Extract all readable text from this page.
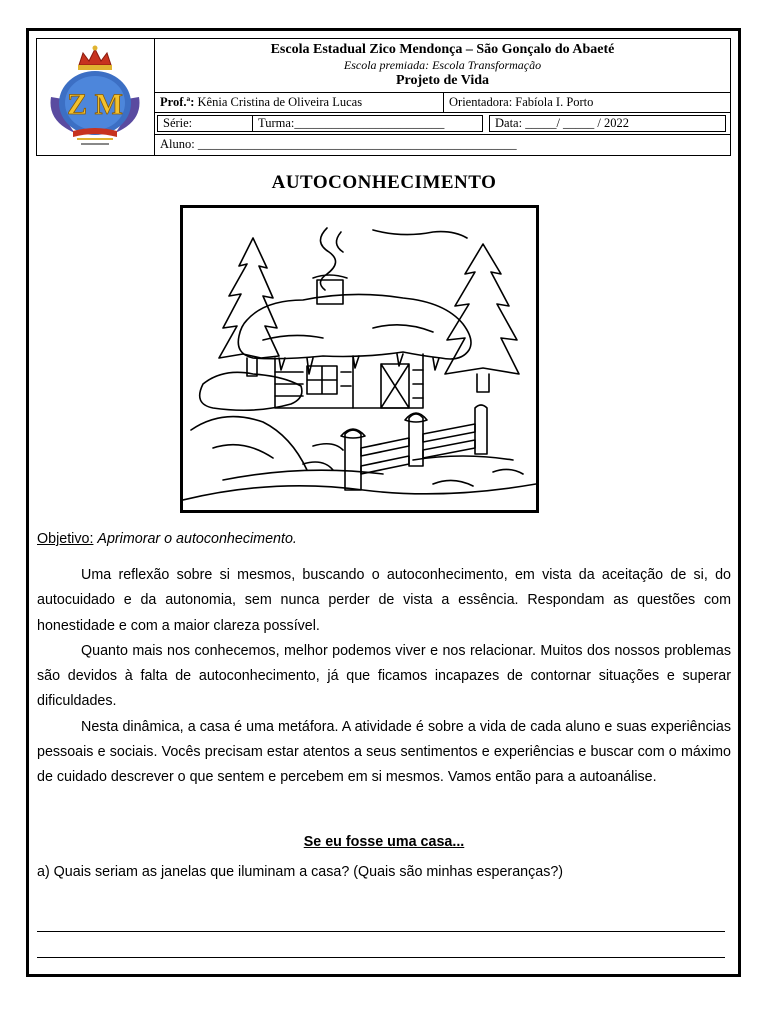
Z M
Escola Estadual Zico Mendonça – São Gonçalo do Abaeté
Escola premiada: Escola Transformação
Projeto de Vida
Prof.ª: Kênia Cristina de Oliveira Lucas	Orientadora: Fabíola I. Porto
Série:	Turma:________________________	Data: _____/ _____ / 2022
Aluno: ___________________________________________________
AUTOCONHECIMENTO
Objetivo: Aprimorar o autoconhecimento.

Uma reflexão sobre si mesmos, buscando o autoconhecimento, em vista da aceitação de si, do autocuidado e da autonomia, sem nunca perder de vista a essência. Respondam as questões com honestidade e com a maior clareza possível.

Quanto mais nos conhecemos, melhor podemos viver e nos relacionar. Muitos dos nossos problemas são devidos à falta de autoconhecimento, já que ficamos incapazes de contornar situações e superar dificuldades.

Nesta dinâmica, a casa é uma metáfora. A atividade é sobre a vida de cada aluno e suas experiências pessoais e sociais. Vocês precisam estar atentos a seus sentimentos e experiências e buscar com o máximo de cuidado descrever o que sentem e percebem em si mesmos. Vamos então para a autoanálise.

Se eu fosse uma casa...
a) Quais seriam as janelas que iluminam a casa? (Quais são minhas esperanças?)
